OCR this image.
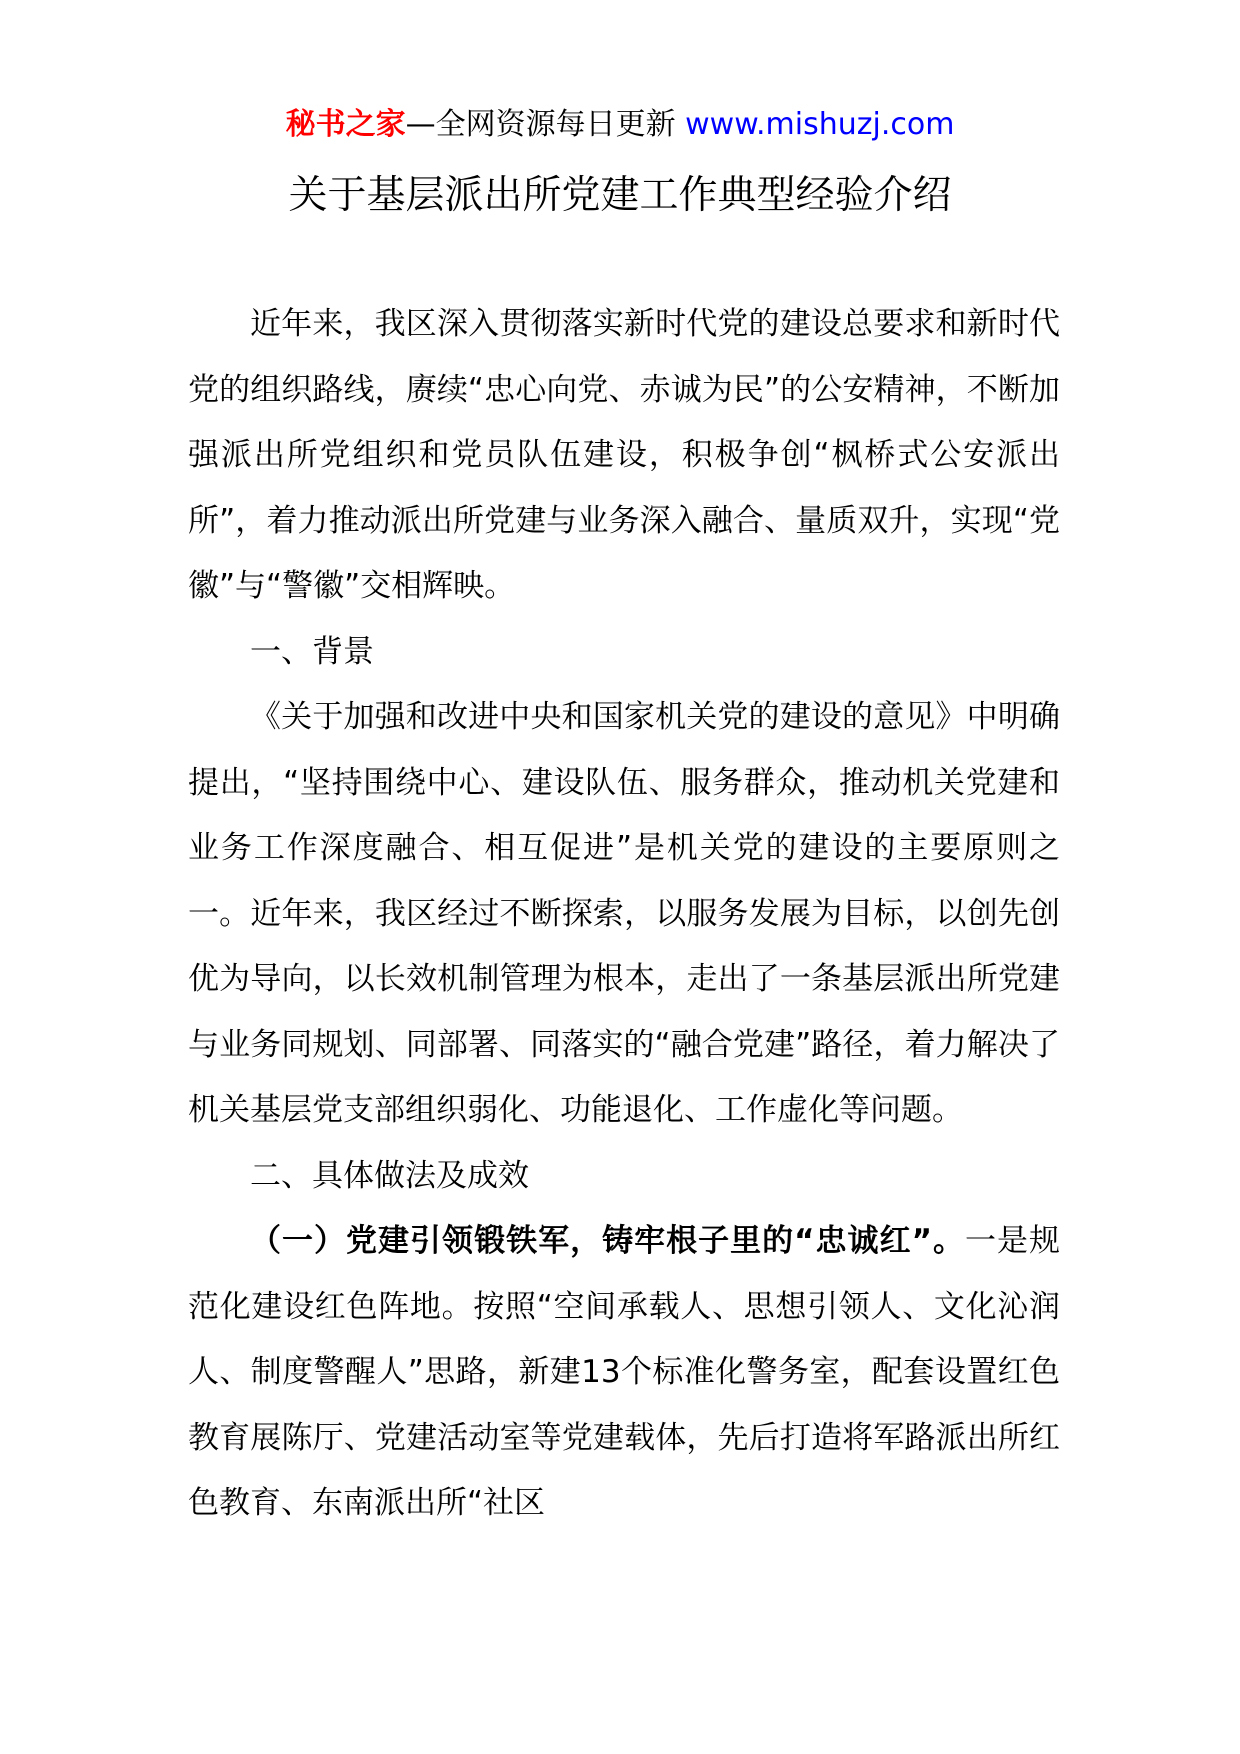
秘书之家—全网资源每日更新 www.mishuzj.com
关于基层派出所党建工作典型经验介绍

近年来，我区深入贯彻落实新时代党的建设总要求和新时代党的组织路线，赓续“忠心向党、赤诚为民”的公安精神，不断加强派出所党组织和党员队伍建设，积极争创“枫桥式公安派出所”，着力推动派出所党建与业务深入融合、量质双升，实现“党徽”与“警徽”交相辉映。

一、背景

《关于加强和改进中央和国家机关党的建设的意见》中明确提出，“坚持围绕中心、建设队伍、服务群众，推动机关党建和业务工作深度融合、相互促进”是机关党的建设的主要原则之一。近年来，我区经过不断探索，以服务发展为目标，以创先创优为导向，以长效机制管理为根本，走出了一条基层派出所党建与业务同规划、同部署、同落实的“融合党建”路径，着力解决了机关基层党支部组织弱化、功能退化、工作虚化等问题。

二、具体做法及成效

（一）党建引领锻铁军，铸牢根子里的“忠诚红”。一是规范化建设红色阵地。按照“空间承载人、思想引领人、文化沁润人、制度警醒人”思路，新建13个标准化警务室，配套设置红色教育展陈厅、党建活动室等党建载体，先后打造将军路派出所红色教育、东南派出所“社区
